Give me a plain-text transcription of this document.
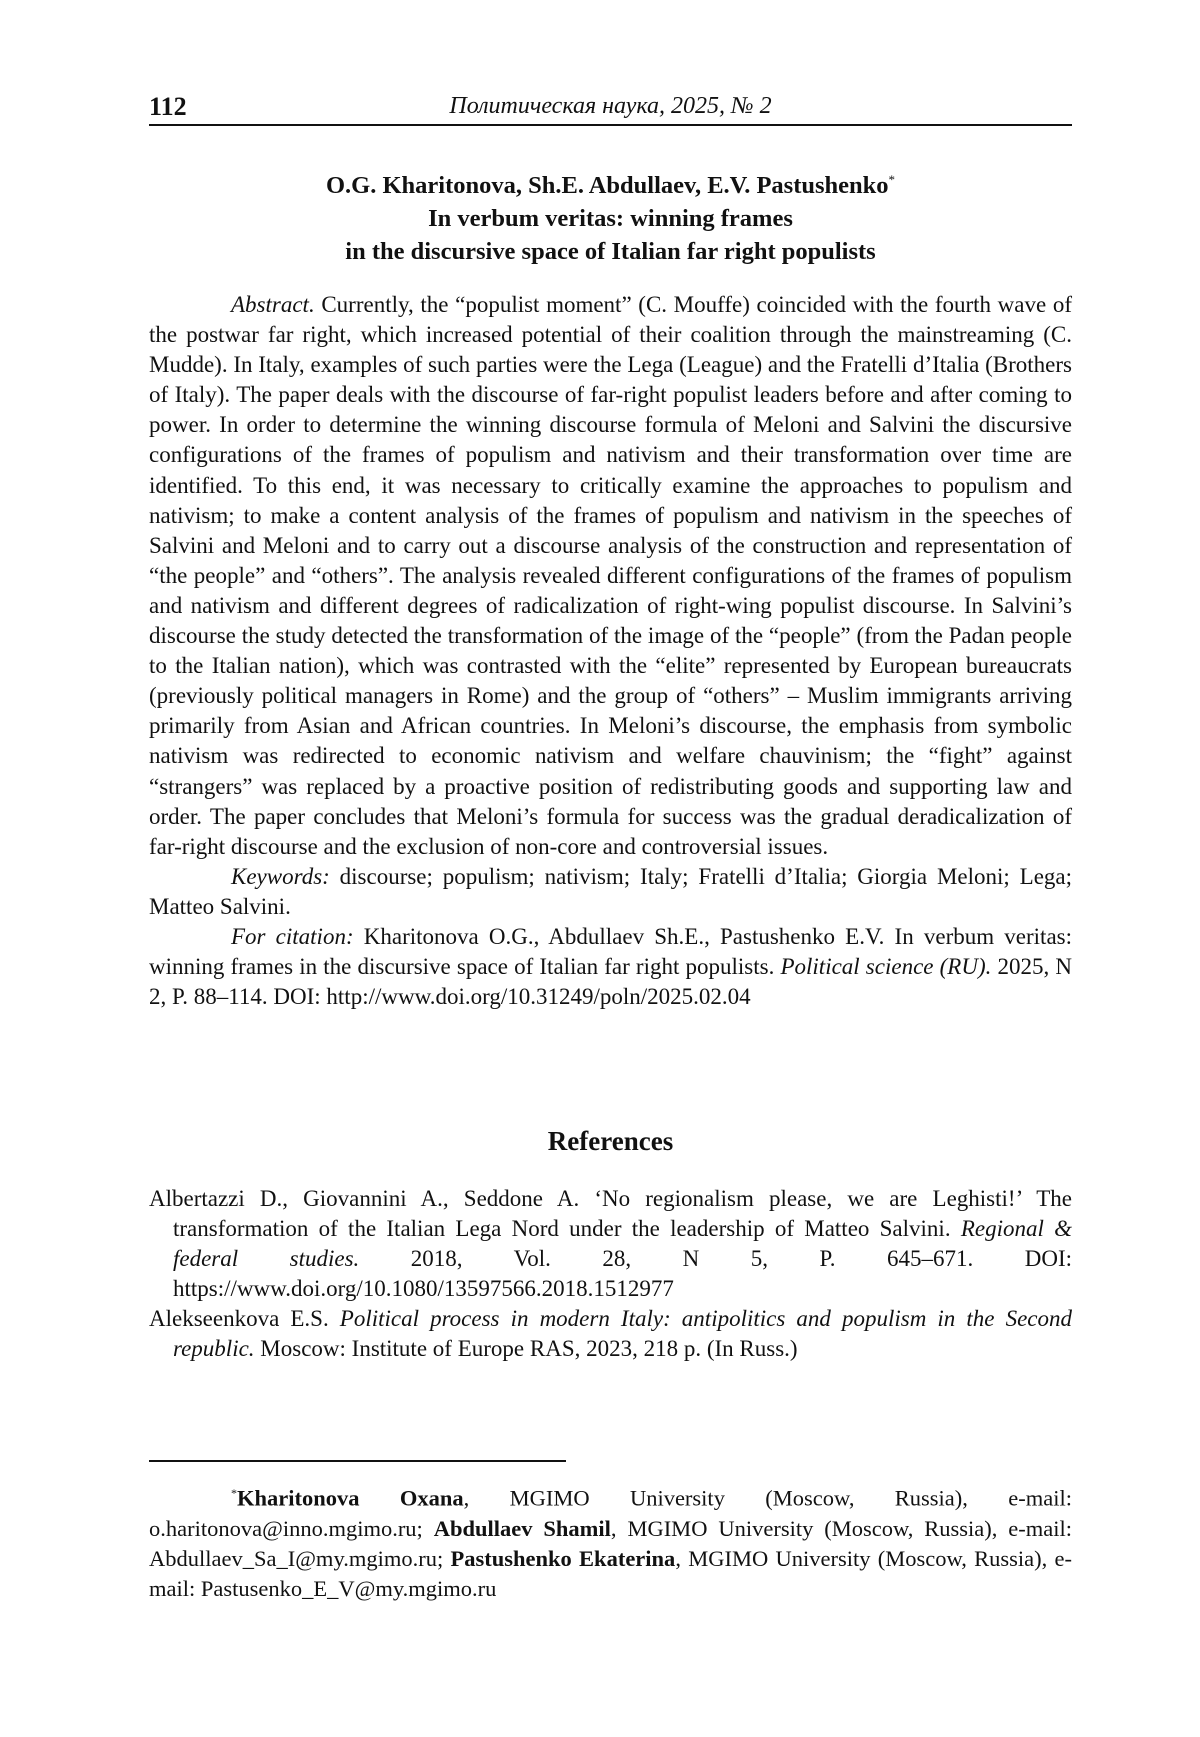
112	Политическая наука, 2025, № 2
O.G. Kharitonova, Sh.E. Abdullaev, E.V. Pastushenko*
In verbum veritas: winning frames
in the discursive space of Italian far right populists

Abstract. Currently, the “populist moment” (C. Mouffe) coincided with the fourth wave of the postwar far right, which increased potential of their coalition through the mainstreaming (C. Mudde). In Italy, examples of such parties were the Lega (League) and the Fratelli d’Italia (Brothers of Italy). The paper deals with the discourse of far-right populist leaders before and after coming to power. In order to determine the winning discourse formula of Meloni and Salvini the discursive configurations of the frames of populism and nativism and their transformation over time are identified. To this end, it was necessary to critically examine the approaches to populism and nativism; to make a content analysis of the frames of populism and nativism in the speeches of Salvini and Meloni and to carry out a discourse analysis of the construction and representation of “the people” and “others”. The analysis revealed different configurations of the frames of populism and nativism and different degrees of radicalization of right-wing populist discourse. In Salvini’s discourse the study detected the transformation of the image of the “people” (from the Padan people to the Italian nation), which was contrasted with the “elite” represented by European bureaucrats (previously political managers in Rome) and the group of “others” – Muslim immigrants arriving primarily from Asian and African countries. In Meloni’s discourse, the emphasis from symbolic nativism was redirected to economic nativism and welfare chauvinism; the “fight” against “strangers” was replaced by a proactive position of redistributing goods and supporting law and order. The paper concludes that Meloni’s formula for success was the gradual deradicalization of far-right discourse and the exclusion of non-core and controversial issues.

Keywords: discourse; populism; nativism; Italy; Fratelli d’Italia; Giorgia Meloni; Lega; Matteo Salvini.

For citation: Kharitonova O.G., Abdullaev Sh.E., Pastushenko E.V. In verbum veritas: winning frames in the discursive space of Italian far right populists. Political science (RU). 2025, N 2, P. 88–114. DOI: http://www.doi.org/10.31249/poln/2025.02.04

References

Albertazzi D., Giovannini A., Seddone A. ‘No regionalism please, we are Leghisti!’ The transformation of the Italian Lega Nord under the leadership of Matteo Salvini. Regional & federal studies. 2018, Vol. 28, N 5, P. 645–671. DOI: https://www.doi.org/10.1080/13597566.2018.1512977

Alekseenkova E.S. Political process in modern Italy: antipolitics and populism in the Second republic. Moscow: Institute of Europe RAS, 2023, 218 p. (In Russ.)

*Kharitonova Oxana, MGIMO University (Moscow, Russia), e-mail: o.haritonova@inno.mgimo.ru; Abdullaev Shamil, MGIMO University (Moscow, Russia), e-mail: Abdullaev_Sa_I@my.mgimo.ru; Pastushenko Ekaterina, MGIMO University (Moscow, Russia), e-mail: Pastusenko_E_V@my.mgimo.ru
